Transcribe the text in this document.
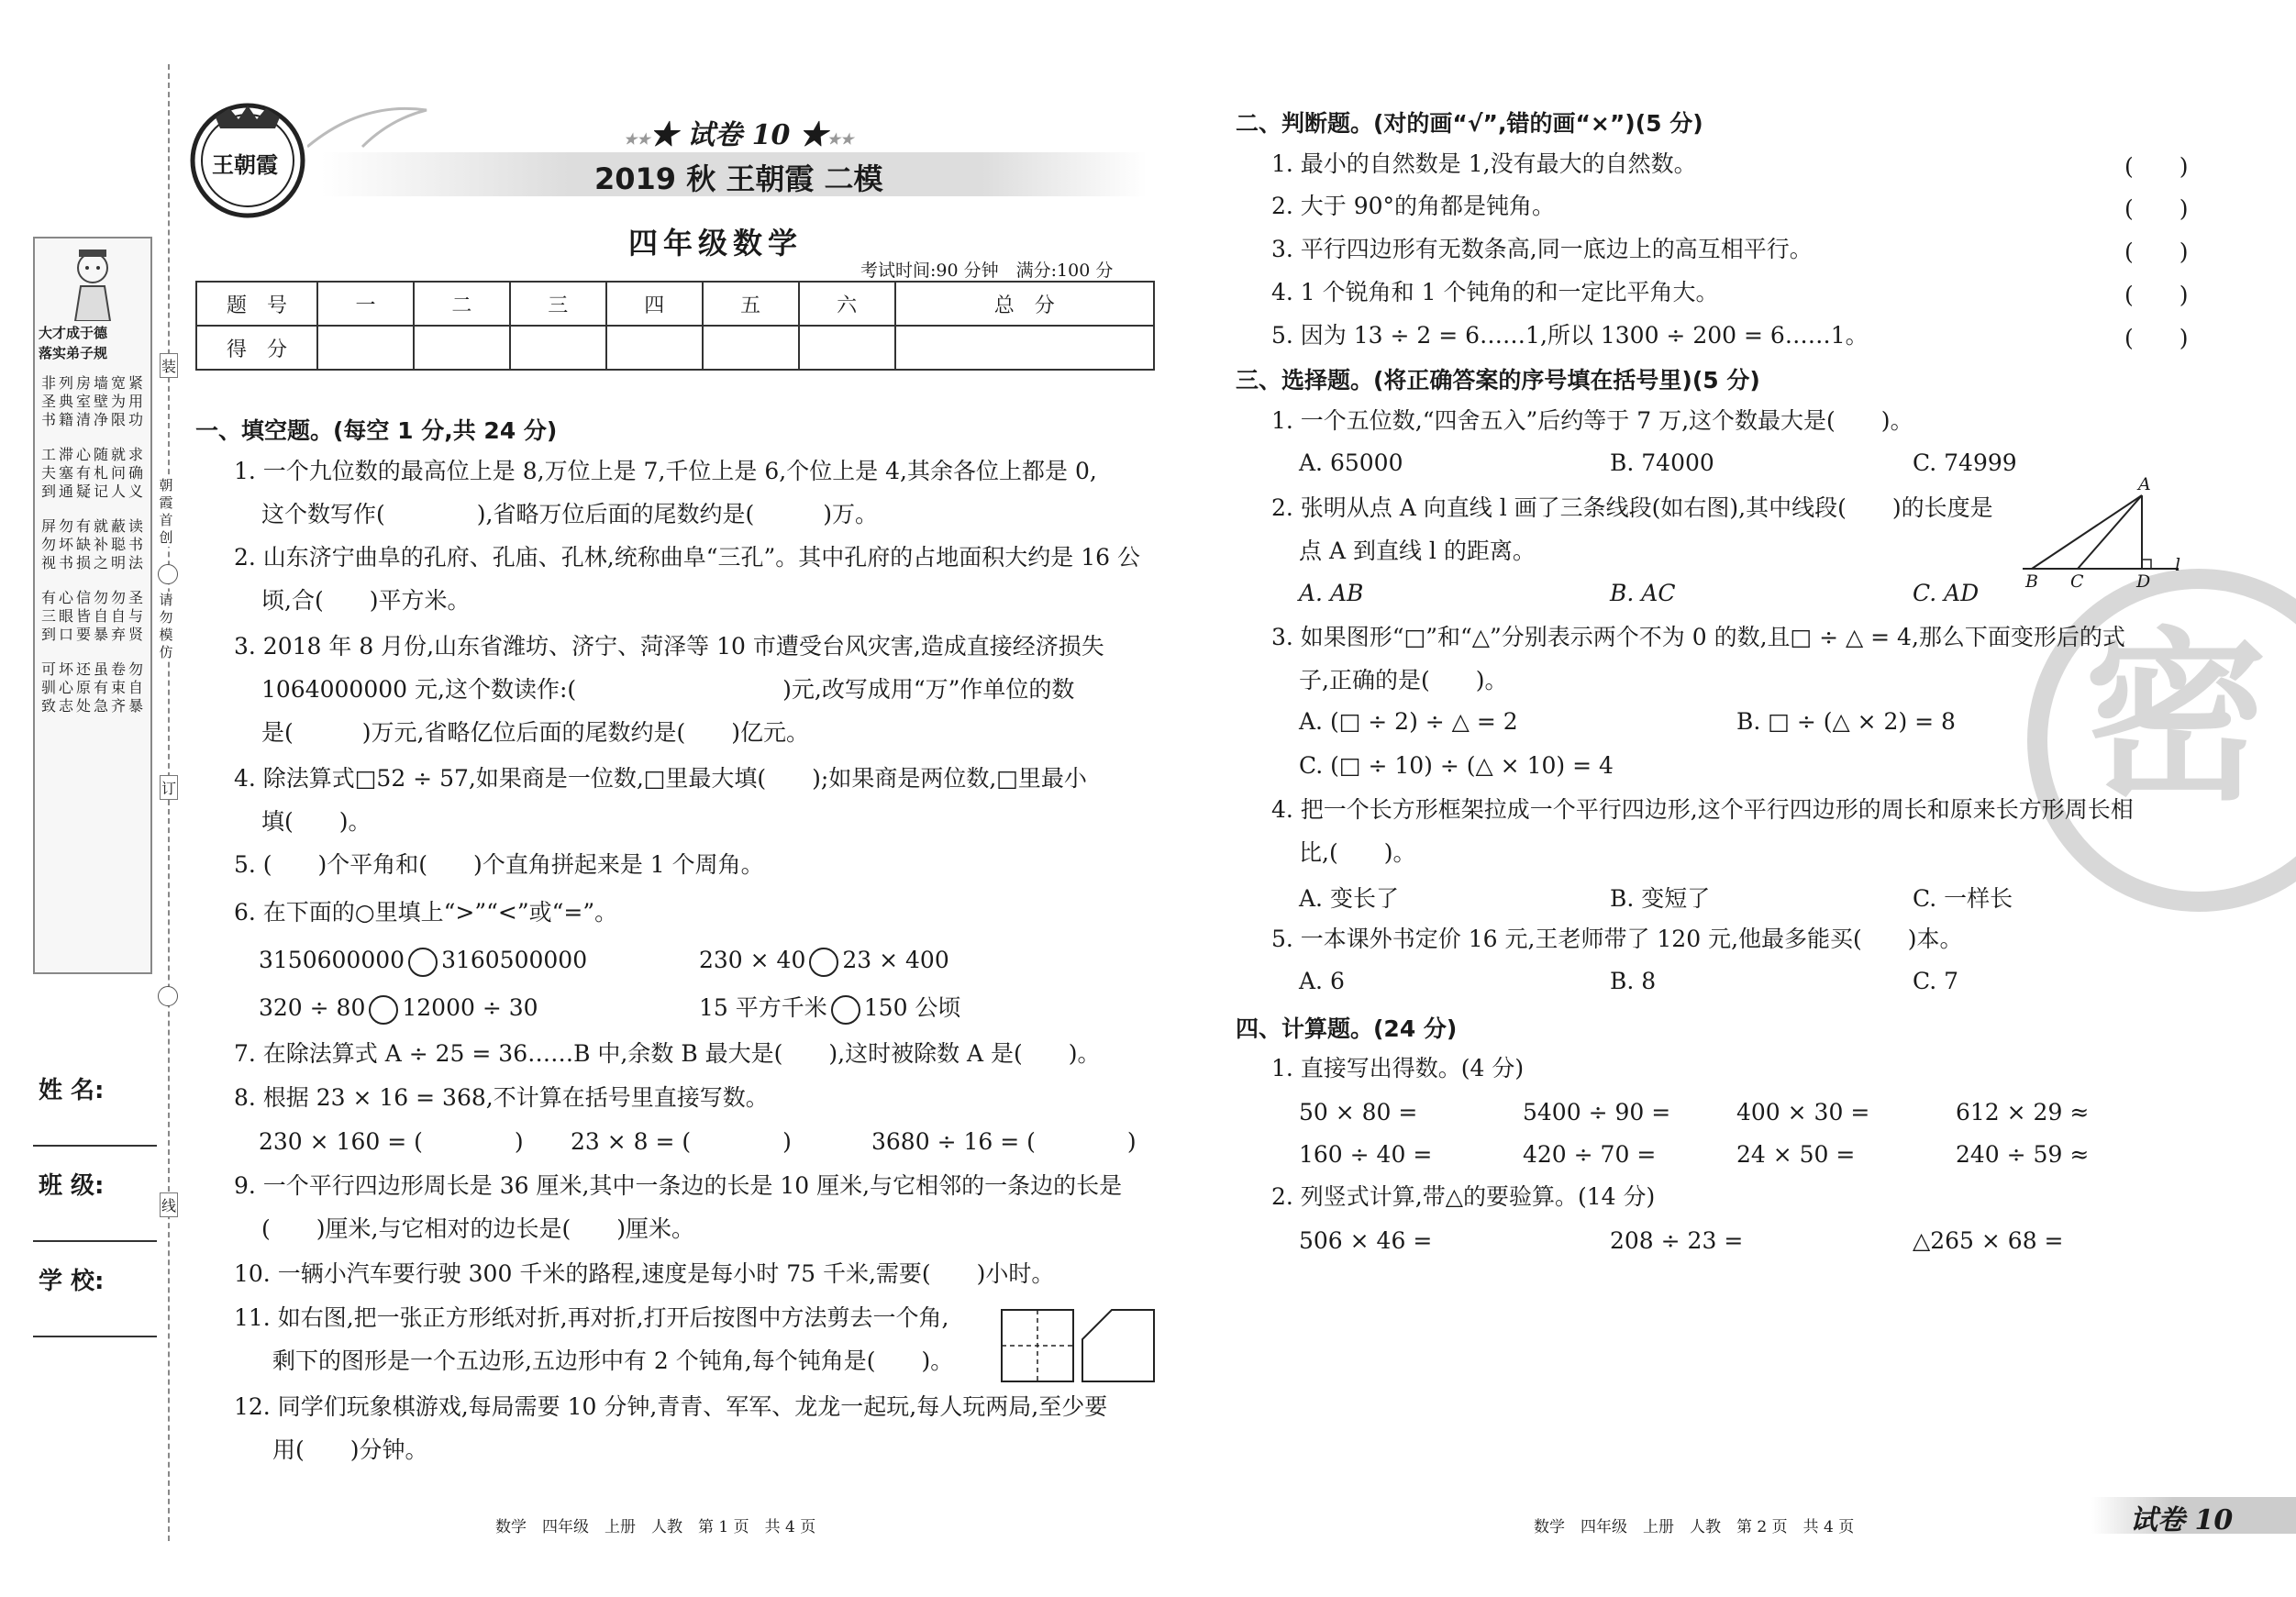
装
朝
霞
首
创
请
勿
模
仿
订
线
大才成于德
落实弟子规
非
圣
书
列
典
籍
房
室
清
墙
壁
净
宽
为
限
紧
用
功
工
夫
到
滞
塞
通
心
有
疑
随
札
记
就
问
人
求
确
义
屏
勿
视
勿
坏
书
有
缺
损
就
补
之
蔽
聪
明
读
书
法
有
三
到
心
眼
口
信
皆
要
勿
自
暴
勿
自
弃
圣
与
贤
可
驯
致
坏
心
志
还
原
处
虽
有
急
卷
束
齐
勿
自
暴
姓 名:
班 级:
学 校:
王朝霞
★★★ 试卷 10 ★★★
2019 秋 王朝霞 二模
四年级数学
考试时间:90 分钟　满分:100 分
题　号	一	二	三	四	五	六	总　分
得　分							
一、填空题。(每空 1 分,共 24 分)
1. 一个九位数的最高位上是 8,万位上是 7,千位上是 6,个位上是 4,其余各位上都是 0,
这个数写作(　　　　),省略万位后面的尾数约是(　　　)万。
2. 山东济宁曲阜的孔府、孔庙、孔林,统称曲阜“三孔”。其中孔府的占地面积大约是 16 公
顷,合(　　)平方米。
3. 2018 年 8 月份,山东省潍坊、济宁、菏泽等 10 市遭受台风灾害,造成直接经济损失
1064000000 元,这个数读作:(　　　　　　　　　)元,改写成用“万”作单位的数
是(　　　)万元,省略亿位后面的尾数约是(　　)亿元。
4. 除法算式□52 ÷ 57,如果商是一位数,□里最大填(　　);如果商是两位数,□里最小
填(　　)。
5. (　　)个平角和(　　)个直角拼起来是 1 个周角。
6. 在下面的○里填上“>”“<”或“=”。
3150600000 3160500000	230 × 40 23 × 400
320 ÷ 80 12000 ÷ 30	15 平方千米 150 公顷
7. 在除法算式 A ÷ 25 = 36……B 中,余数 B 最大是(　　),这时被除数 A 是(　　)。
8. 根据 23 × 16 = 368,不计算在括号里直接写数。
230 × 160 = (　　　　) 23 × 8 = (　　　　)	3680 ÷ 16 = (　　　　)
9. 一个平行四边形周长是 36 厘米,其中一条边的长是 10 厘米,与它相邻的一条边的长是
(　　)厘米,与它相对的边长是(　　)厘米。
10. 一辆小汽车要行驶 300 千米的路程,速度是每小时 75 千米,需要(　　)小时。
11. 如右图,把一张正方形纸对折,再对折,打开后按图中方法剪去一个角,
剩下的图形是一个五边形,五边形中有 2 个钝角,每个钝角是(　　)。
12. 同学们玩象棋游戏,每局需要 10 分钟,青青、军军、龙龙一起玩,每人玩两局,至少要
用(　　)分钟。
数学　四年级　上册　人教　第 1 页　共 4 页
密
二、判断题。(对的画“√”,错的画“×”)(5 分)
1. 最小的自然数是 1,没有最大的自然数。	(　　)
2. 大于 90°的角都是钝角。	(　　)
3. 平行四边形有无数条高,同一底边上的高互相平行。	(　　)
4. 1 个锐角和 1 个钝角的和一定比平角大。	(　　)
5. 因为 13 ÷ 2 = 6……1,所以 1300 ÷ 200 = 6……1。	(　　)
三、选择题。(将正确答案的序号填在括号里)(5 分)
1. 一个五位数,“四舍五入”后约等于 7 万,这个数最大是(　　)。
A. 65000	B. 74000	C. 74999
2. 张明从点 A 向直线 l 画了三条线段(如右图),其中线段(　　)的长度是
点 A 到直线 l 的距离。
A
B C	D
l
A. AB	B. AC	C. AD
3. 如果图形“□”和“△”分别表示两个不为 0 的数,且□ ÷ △ = 4,那么下面变形后的式
子,正确的是(　　)。
A. (□ ÷ 2) ÷ △ = 2	B. □ ÷ (△ × 2) = 8
C. (□ ÷ 10) ÷ (△ × 10) = 4
4. 把一个长方形框架拉成一个平行四边形,这个平行四边形的周长和原来长方形周长相
比,(　　)。
A. 变长了	B. 变短了	C. 一样长
5. 一本课外书定价 16 元,王老师带了 120 元,他最多能买(　　)本。
A. 6	B. 8	C. 7
四、计算题。(24 分)
1. 直接写出得数。(4 分)
50 × 80 =	5400 ÷ 90 =	400 × 30 =	612 × 29 ≈
160 ÷ 40 =	420 ÷ 70 =	24 × 50 =	240 ÷ 59 ≈
2. 列竖式计算,带△的要验算。(14 分)
506 × 46 =	208 ÷ 23 =	△265 × 68 =
数学　四年级　上册　人教　第 2 页　共 4 页	试卷 10
